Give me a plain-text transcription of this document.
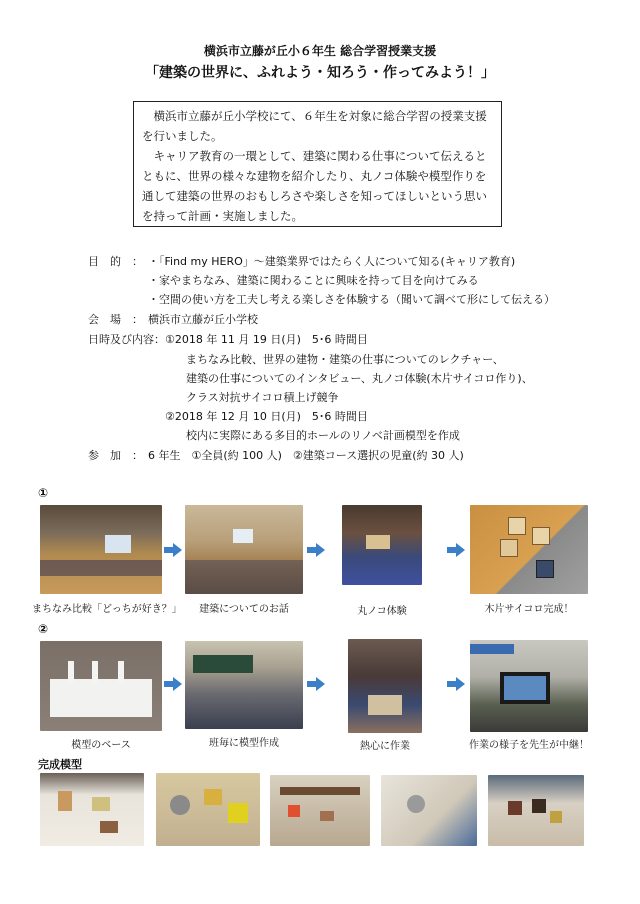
横浜市立藤が丘小６年生 総合学習授業支援
「建築の世界に、ふれよう・知ろう・作ってみよう！」

横浜市立藤が丘小学校にて、６年生を対象に総合学習の授業支援を行いました。

キャリア教育の一環として、建築に関わる仕事について伝えるとともに、世界の様々な建物を紹介したり、丸ノコ体験や模型作りを通して建築の世界のおもしろさや楽しさを知ってほしいという思いを持って計画・実施しました。

目　的　： ・「Find my HERO」～建築業界ではたらく人について知る(キャリア教育)
・家やまちなみ、建築に関わることに興味を持って目を向けてみる
・空間の使い方を工夫し考える楽しさを体験する（聞いて調べて形にして伝える）
会　場　： 横浜市立藤が丘小学校
日時及び内容： ①2018 年 11 月 19 日(月)　5･6 時間目
まちなみ比較、世界の建物・建築の仕事についてのレクチャー、
建築の仕事についてのインタビュー、丸ノコ体験(木片サイコロ作り)、
クラス対抗サイコロ積上げ競争
②2018 年 12 月 10 日(月)　5･6 時間目
校内に実際にある多目的ホールのリノベ計画模型を作成
参　加　： 6 年生　①全員(約 100 人)　②建築コース選択の児童(約 30 人)
①
まちなみ比較「どっちが好き？」	建築についてのお話	丸ノコ体験	木片サイコロ完成！
②
模型のベース	班毎に模型作成	熱心に作業	作業の様子を先生が中継！
完成模型
